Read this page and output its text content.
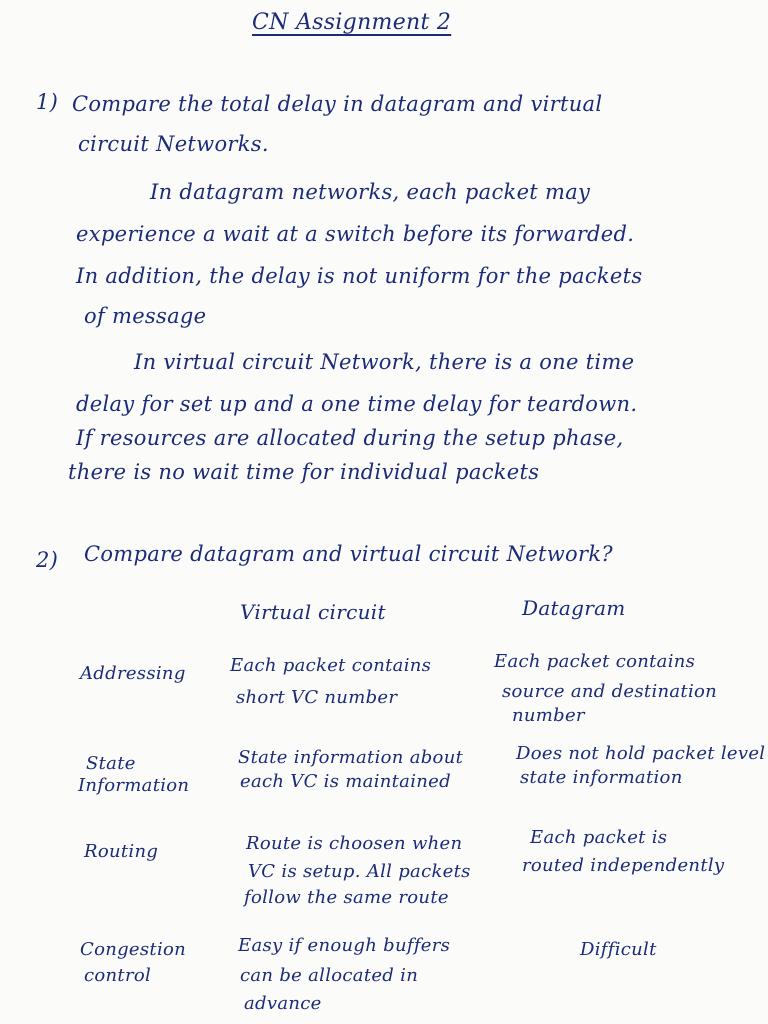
CN Assignment 2
1) Compare the total delay in datagram and virtual
circuit Networks.
In datagram networks, each packet may
experience a wait at a switch before its forwarded.
In addition, the delay is not uniform for the packets
of message
In virtual circuit Network, there is a one time
delay for set up and a one time delay for teardown.
If resources are allocated during the setup phase,
there is no wait time for individual packets
2) Compare datagram and virtual circuit Network?
Virtual circuit	Datagram
Addressing Each packet contains
short VC number
Each packet contains
source and destination
number
State
Information
State information about
each VC is maintained
Does not hold packet level
state information
Routing	Route is choosen when
VC is setup. All packets
follow the same route
Each packet is
routed independently
Congestion
control
Easy if enough buffers
can be allocated in
advance
Difficult
